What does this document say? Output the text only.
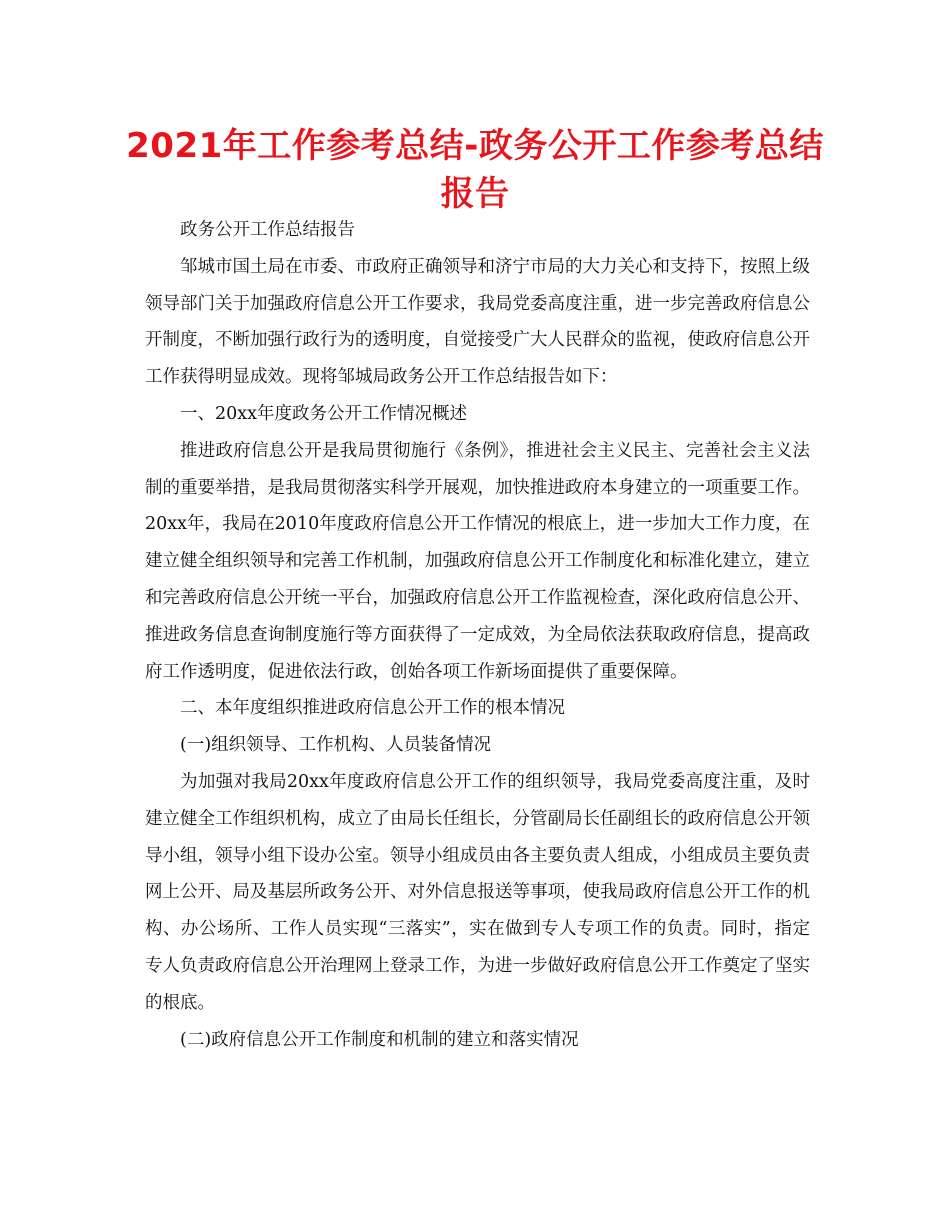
2021年工作参考总结-政务公开工作参考总结报告

政务公开工作总结报告

邹城市国土局在市委、市政府正确领导和济宁市局的大力关心和支持下，按照上级领导部门关于加强政府信息公开工作要求，我局党委高度注重，进一步完善政府信息公开制度，不断加强行政行为的透明度，自觉接受广大人民群众的监视，使政府信息公开工作获得明显成效。现将邹城局政务公开工作总结报告如下：

一、20xx年度政务公开工作情况概述

推进政府信息公开是我局贯彻施行《条例》，推进社会主义民主、完善社会主义法制的重要举措，是我局贯彻落实科学开展观，加快推进政府本身建立的一项重要工作。20xx年，我局在2010年度政府信息公开工作情况的根底上，进一步加大工作力度，在建立健全组织领导和完善工作机制，加强政府信息公开工作制度化和标准化建立，建立和完善政府信息公开统一平台，加强政府信息公开工作监视检查，深化政府信息公开、推进政务信息查询制度施行等方面获得了一定成效，为全局依法获取政府信息，提高政府工作透明度，促进依法行政，创始各项工作新场面提供了重要保障。

二、本年度组织推进政府信息公开工作的根本情况

(一)组织领导、工作机构、人员装备情况

为加强对我局20xx年度政府信息公开工作的组织领导，我局党委高度注重，及时建立健全工作组织机构，成立了由局长任组长，分管副局长任副组长的政府信息公开领导小组，领导小组下设办公室。领导小组成员由各主要负责人组成，小组成员主要负责网上公开、局及基层所政务公开、对外信息报送等事项，使我局政府信息公开工作的机构、办公场所、工作人员实现“三落实”，实在做到专人专项工作的负责。同时，指定专人负责政府信息公开治理网上登录工作，为进一步做好政府信息公开工作奠定了坚实的根底。

(二)政府信息公开工作制度和机制的建立和落实情况
